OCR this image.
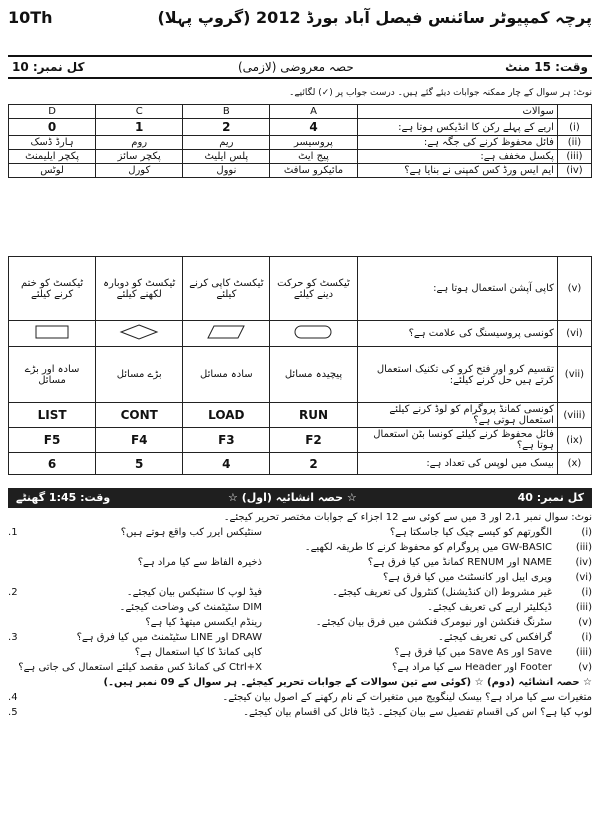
پرچہ کمپیوٹر سائنس فیصل آباد بورڈ 2012 (گروپ پہلا)
10Th
وقت: 15 منٹ
حصہ معروضی (لازمی)
کل نمبر: 10
نوٹ: ہر سوال کے چار ممکنہ جوابات دیئے گئے ہیں۔ درست جواب پر (✓) لگائیے۔
D	C	B	A	سوالات	
0	1	2	4	اریے کے پہلے رکن کا انڈیکس ہوتا ہے:	(i)
ہارڈ ڈسک	روم	ریم	پروسیسر	فائل محفوظ کرنے کی جگہ ہے:	(ii)
پکچر ایلیمنٹ	پکچر سائز	پلس ایلیٹ	پیج ایٹ	پکسل مخفف ہے:	(iii)
لوٹس	کورل	نوول	مائیکرو سافٹ	ایم ایس ورڈ کس کمپنی نے بنایا ہے؟	(iv)
ٹیکسٹ کو ختم کرنے کیلئے	ٹیکسٹ کو دوبارہ لکھنے کیلئے	ٹیکسٹ کاپی کرنے کیلئے	ٹیکسٹ کو حرکت دینے کیلئے	کاپی آپشن استعمال ہوتا ہے:	(v)
				کونسی پروسیسنگ کی علامت ہے؟	(vi)
سادہ اور بڑے مسائل	بڑے مسائل	سادہ مسائل	پیچیدہ مسائل	تقسیم کرو اور فتح کرو کی تکنیک استعمال کرتے ہیں حل کرنے کیلئے:	(vii)
LIST	CONT	LOAD	RUN	کونسی کمانڈ پروگرام کو لوڈ کرنے کیلئے استعمال ہوتی ہے؟	(viii)
F5	F4	F3	F2	فائل محفوظ کرنے کیلئے کونسا بٹن استعمال ہوتا ہے؟	(ix)
6	5	4	2	بیسک میں لوپس کی تعداد ہے:	(x)
کل نمبر: 40
☆ حصہ انشائیہ (اول) ☆
وقت: 1:45 گھنٹے
نوٹ: سوال نمبر 2،1 اور 3 میں سے کوئی سے 12 اجزاء کے جوابات مختصر تحریر کیجئے۔
1.	(i)
الگورتھم کو کیسے چیک کیا جاسکتا ہے؟
سنٹیکس ایرر کب واقع ہوتے ہیں؟
(iii)
GW-BASIC میں پروگرام کو محفوظ کرنے کا طریقہ لکھیے۔
(iv)
NAME اور RENUM کمانڈ میں کیا فرق ہے؟
ذخیرہ الفاظ سے کیا مراد ہے؟
(vi)
ویری ایبل اور کانسٹنٹ میں کیا فرق ہے؟
2.	(i)
غیر مشروط (ان کنڈیشنل) کنٹرول کی تعریف کیجئے۔
فیڈ لوپ کا سنٹیکس بیان کیجئے۔
(iii)
ڈیکلیئر اریے کی تعریف کیجئے۔
DIM سٹیٹمنٹ کی وضاحت کیجئے۔
(v)
سٹرنگ فنکشن اور نیومرک فنکشن میں فرق بیان کیجئے۔
رینڈم ایکسس میتھڈ کیا ہے؟
3.	(i)
گرافکس کی تعریف کیجئے۔
DRAW اور LINE سٹیٹمنٹ میں کیا فرق ہے؟
(iii)
Save اور Save As میں کیا فرق ہے؟
کاپی کمانڈ کا کیا استعمال ہے؟
(v)
Footer اور Header سے کیا مراد ہے؟
Ctrl+X کی کمانڈ کس مقصد کیلئے استعمال کی جاتی ہے؟
☆ حصہ انشائیہ (دوم) ☆ (کوئی سے تین سوالات کے جوابات تحریر کیجئے۔ ہر سوال کے 09 نمبر ہیں۔)
4.	متغیرات سے کیا مراد ہے؟ بیسک لینگویج میں متغیرات کے نام رکھنے کے اصول بیان کیجئے۔
5.	لوپ کیا ہے؟ اس کی اقسام تفصیل سے بیان کیجئے۔ ڈیٹا فائل کی اقسام بیان کیجئے۔
